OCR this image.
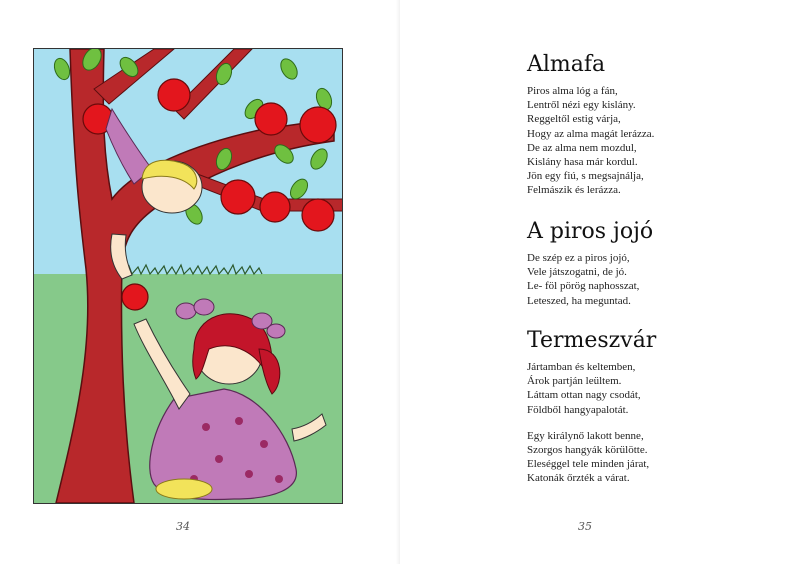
34
Almafa

Piros alma lóg a fán,

Lentről nézi egy kislány.

Reggeltől estig várja,

Hogy az alma magát lerázza.

De az alma nem mozdul,

Kislány hasa már kordul.

Jön egy fiú, s megsajnálja,

Felmászik és lerázza.

A piros jojó

De szép ez a piros jojó,

Vele játszogatni, de jó.

Le- föl pörög naphosszat,

Leteszed, ha meguntad.

Termeszvár

Jártamban és keltemben,

Árok partján leültem.

Láttam ottan nagy csodát,

Földből hangyapalotát.

Egy királynő lakott benne,

Szorgos hangyák körülötte.

Eleséggel tele minden járat,

Katonák őrzték a várat.

35
